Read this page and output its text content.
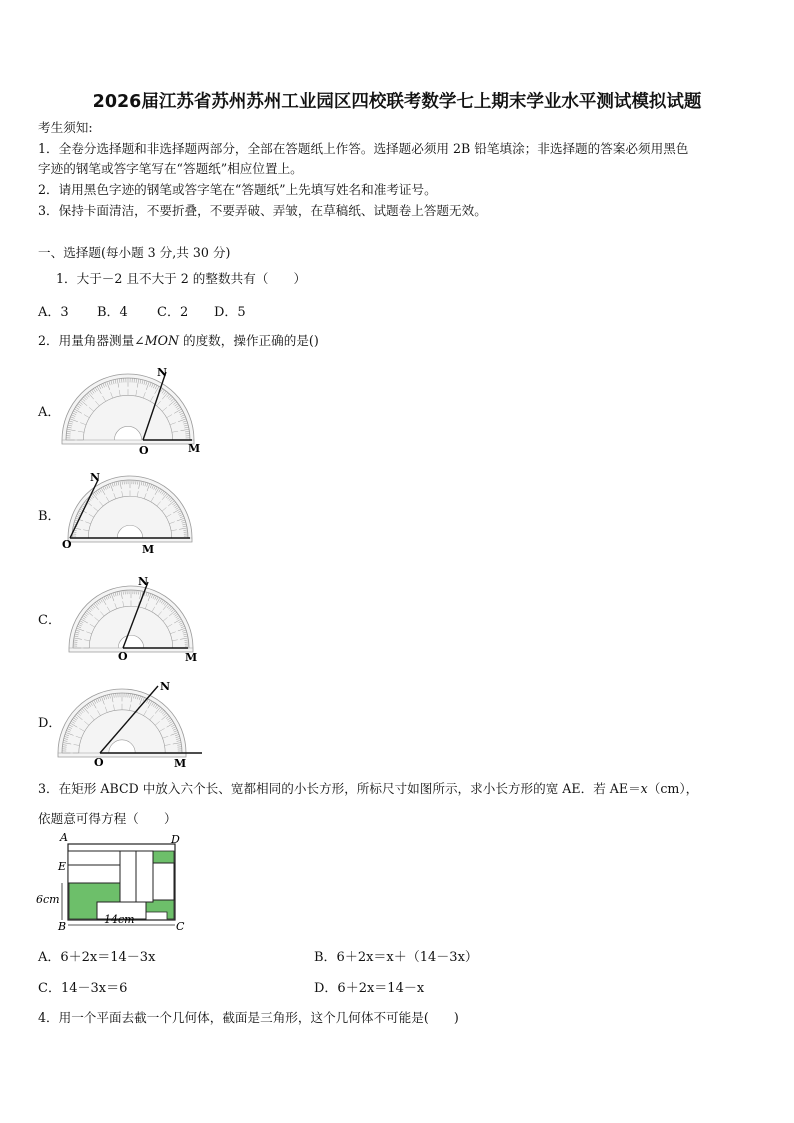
2026届江苏省苏州苏州工业园区四校联考数学七上期末学业水平测试模拟试题
考生须知:
1．全卷分选择题和非选择题两部分，全部在答题纸上作答。选择题必须用 2B 铅笔填涂；非选择题的答案必须用黑色
字迹的钢笔或答字笔写在“答题纸”相应位置上。
2．请用黑色字迹的钢笔或答字笔在“答题纸”上先填写姓名和准考证号。
3．保持卡面清洁，不要折叠，不要弄破、弄皱，在草稿纸、试题卷上答题无效。
一、选择题(每小题 3 分,共 30 分)
1．大于－2 且不大于 2 的整数共有（　　）
A．3 B．4 C．2 D．5
2．用量角器测量∠MON 的度数，操作正确的是()
A．
B．
C．
D．
O	M
N
O	M
N
O	M
N
O	M
N
3．在矩形 ABCD 中放入六个长、宽都相同的小长方形，所标尺寸如图所示，求小长方形的宽 AE．若 AE＝x（cm），
依题意可得方程（　　）
A	D
E
B	C
6cm
14cm
A．6＋2x＝14－3x	B．6＋2x＝x＋（14－3x）
C．14－3x＝6	D．6＋2x＝14－x
4．用一个平面去截一个几何体，截面是三角形，这个几何体不可能是(　　)
